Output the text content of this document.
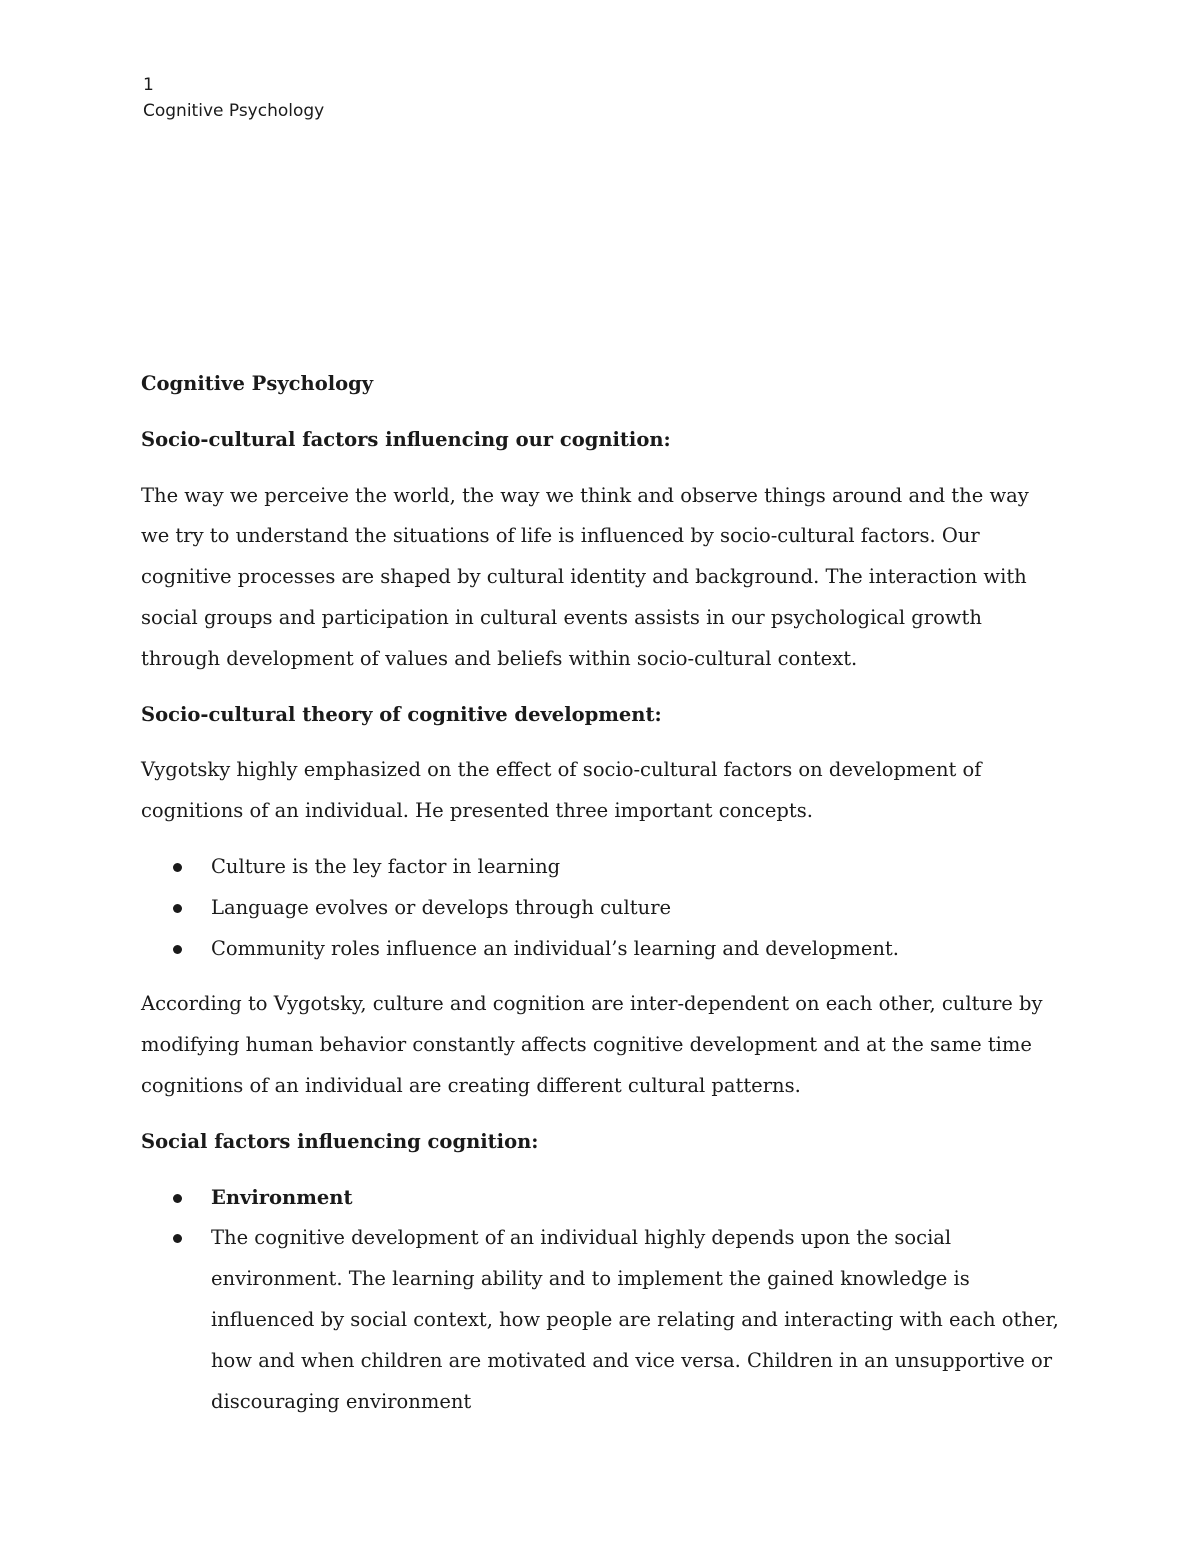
1
Cognitive Psychology

Cognitive Psychology

Socio-cultural factors influencing our cognition:

The way we perceive the world, the way we think and observe things around and the way we try to understand the situations of life is influenced by socio-cultural factors. Our cognitive processes are shaped by cultural identity and background. The interaction with social groups and participation in cultural events assists in our psychological growth through development of values and beliefs within socio-cultural context.

Socio-cultural theory of cognitive development:

Vygotsky highly emphasized on the effect of socio-cultural factors on development of cognitions of an individual. He presented three important concepts.

Culture is the ley factor in learning
Language evolves or develops through culture
Community roles influence an individual’s learning and development.

According to Vygotsky, culture and cognition are inter-dependent on each other, culture by modifying human behavior constantly affects cognitive development and at the same time cognitions of an individual are creating different cultural patterns.

Social factors influencing cognition:

Environment
The cognitive development of an individual highly depends upon the social environment. The learning ability and to implement the gained knowledge is influenced by social context, how people are relating and interacting with each other, how and when children are motivated and vice versa. Children in an unsupportive or discouraging environment
